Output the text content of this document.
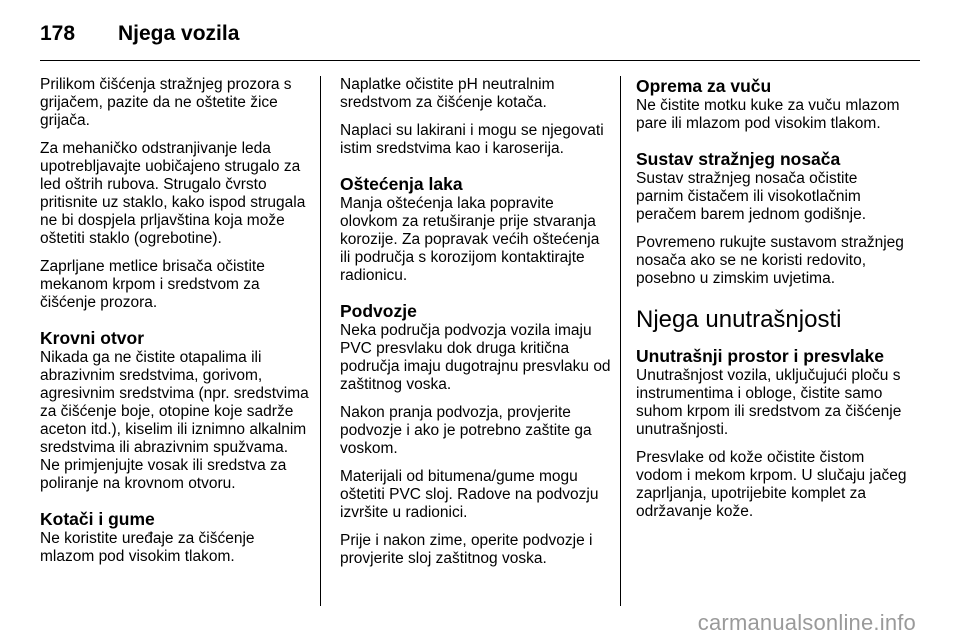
178	Njega vozila

Prilikom čišćenja stražnjeg prozora s grijačem, pazite da ne oštetite žice grijača.

Za mehaničko odstranjivanje leda upotrebljavajte uobičajeno strugalo za led oštrih rubova. Strugalo čvrsto pritisnite uz staklo, kako ispod strugala ne bi dospjela prljavština koja može oštetiti staklo (ogrebotine).

Zaprljane metlice brisača očistite mekanom krpom i sredstvom za čišćenje prozora.

Krovni otvor

Nikada ga ne čistite otapalima ili abrazivnim sredstvima, gorivom, agresivnim sredstvima (npr. sredstvima za čišćenje boje, otopine koje sadrže aceton itd.), kiselim ili iznimno alkalnim sredstvima ili abrazivnim spužvama. Ne primjenjujte vosak ili sredstva za poliranje na krovnom otvoru.

Kotači i gume

Ne koristite uređaje za čišćenje mlazom pod visokim tlakom.

Naplatke očistite pH neutralnim sredstvom za čišćenje kotača.

Naplaci su lakirani i mogu se njegovati istim sredstvima kao i karoserija.

Oštećenja laka

Manja oštećenja laka popravite olovkom za retuširanje prije stvaranja korozije. Za popravak većih oštećenja ili područja s korozijom kontaktirajte radionicu.

Podvozje

Neka područja podvozja vozila imaju PVC presvlaku dok druga kritična područja imaju dugotrajnu presvlaku od zaštitnog voska.

Nakon pranja podvozja, provjerite podvozje i ako je potrebno zaštite ga voskom.

Materijali od bitumena/gume mogu oštetiti PVC sloj. Radove na podvozju izvršite u radionici.

Prije i nakon zime, operite podvozje i provjerite sloj zaštitnog voska.

Oprema za vuču

Ne čistite motku kuke za vuču mlazom pare ili mlazom pod visokim tlakom.

Sustav stražnjeg nosača

Sustav stražnjeg nosača očistite parnim čistačem ili visokotlačnim peračem barem jednom godišnje.

Povremeno rukujte sustavom stražnjeg nosača ako se ne koristi redovito, posebno u zimskim uvjetima.

Njega unutrašnjosti
Unutrašnji prostor i presvlake

Unutrašnjost vozila, uključujući ploču s instrumentima i obloge, čistite samo suhom krpom ili sredstvom za čišćenje unutrašnjosti.

Presvlake od kože očistite čistom vodom i mekom krpom. U slučaju jačeg zaprljanja, upotrijebite komplet za održavanje kože.

carmanualsonline.info
